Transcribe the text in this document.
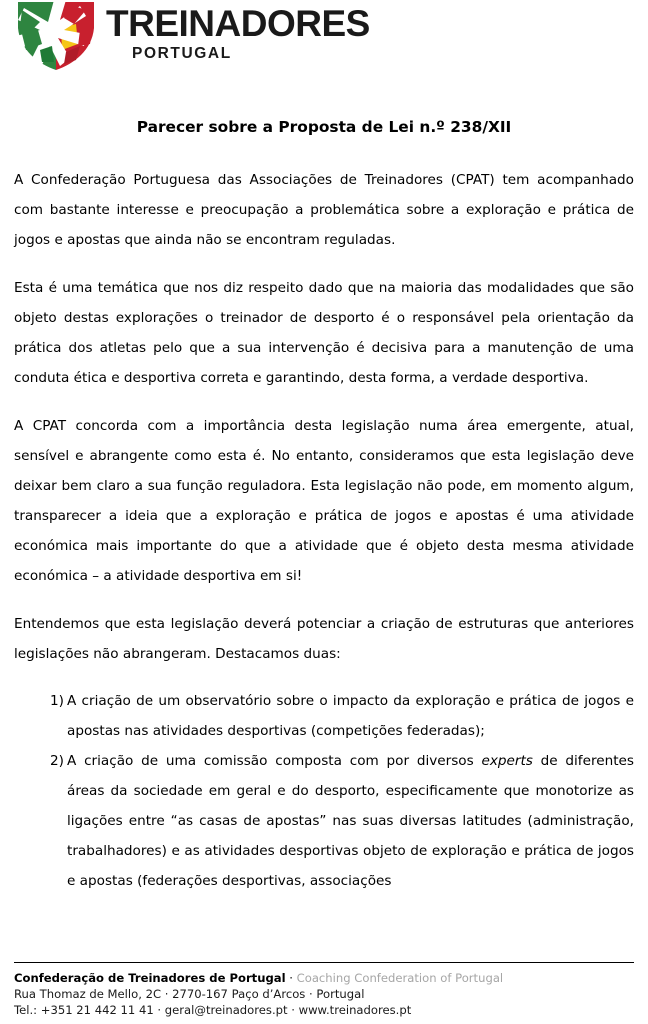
TREINADORES
PORTUGAL
Parecer sobre a Proposta de Lei n.º 238/XII

A Confederação Portuguesa das Associações de Treinadores (CPAT) tem acompanhado com bastante interesse e preocupação a problemática sobre a exploração e prática de jogos e apostas que ainda não se encontram reguladas.

Esta é uma temática que nos diz respeito dado que na maioria das modalidades que são objeto destas explorações o treinador de desporto é o responsável pela orientação da prática dos atletas pelo que a sua intervenção é decisiva para a manutenção de uma conduta ética e desportiva correta e garantindo, desta forma, a verdade desportiva.

A CPAT concorda com a importância desta legislação numa área emergente, atual, sensível e abrangente como esta é. No entanto, consideramos que esta legislação deve deixar bem claro a sua função reguladora. Esta legislação não pode, em momento algum, transparecer a ideia que a exploração e prática de jogos e apostas é uma atividade económica mais importante do que a atividade que é objeto desta mesma atividade económica – a atividade desportiva em si!

Entendemos que esta legislação deverá potenciar a criação de estruturas que anteriores legislações não abrangeram. Destacamos duas:

A criação de um observatório sobre o impacto da exploração e prática de jogos e apostas nas atividades desportivas (competições federadas);
A criação de uma comissão composta com por diversos experts de diferentes áreas da sociedade em geral e do desporto, especificamente que monotorize as ligações entre “as casas de apostas” nas suas diversas latitudes (administração, trabalhadores) e as atividades desportivas objeto de exploração e prática de jogos e apostas (federações desportivas, associações
Confederação de Treinadores de Portugal · Coaching Confederation of Portugal
Rua Thomaz de Mello, 2C · 2770-167 Paço d’Arcos · Portugal
Tel.: +351 21 442 11 41 · geral@treinadores.pt · www.treinadores.pt
